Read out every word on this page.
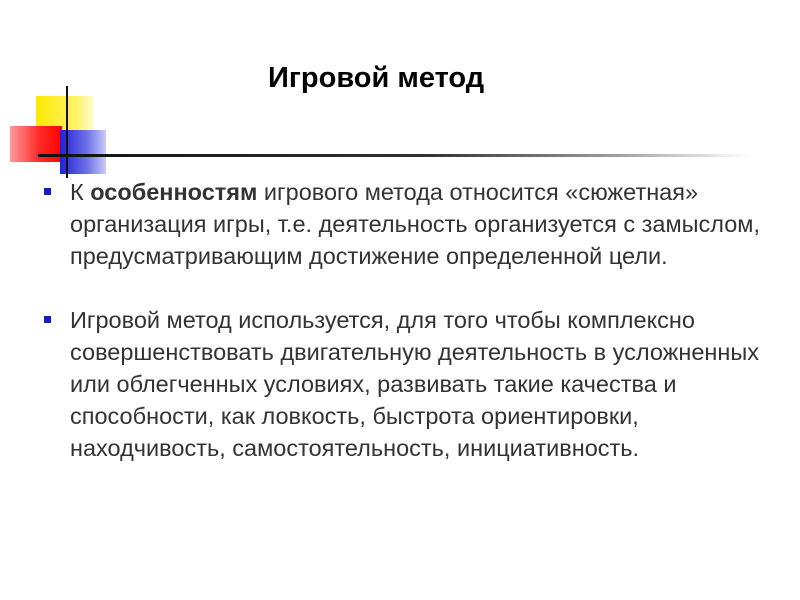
Игровой метод
К особенностям игрового метода относится «сюжетная» организация игры, т.е. деятельность организуется с замыслом, предусматривающим достижение определенной цели.
Игровой метод используется, для того чтобы комплексно совершенствовать двигательную деятельность в усложненных или облегченных условиях, развивать такие качества и способности, как ловкость, быстрота ориентировки, находчивость, самостоятельность, инициативность.
